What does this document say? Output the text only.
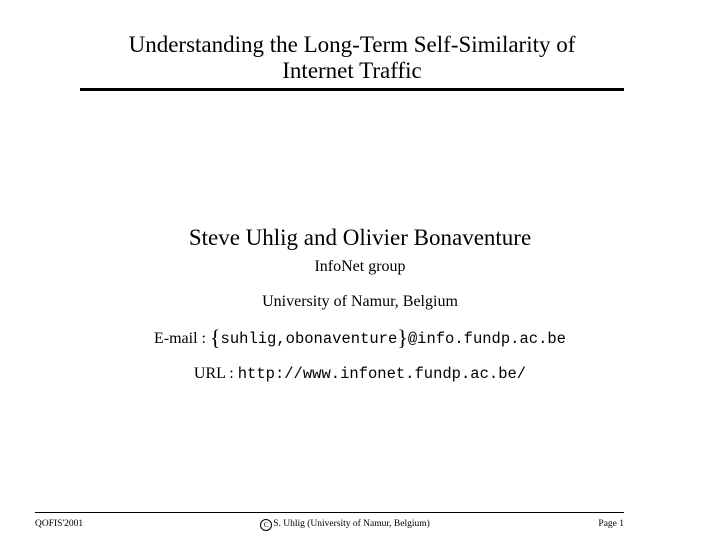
Understanding the Long-Term Self-Similarity of
Internet Traffic
Steve Uhlig and Olivier Bonaventure
InfoNet group
University of Namur, Belgium
E-mail : {suhlig,obonaventure}@info.fundp.ac.be
URL : http://www.infonet.fundp.ac.be/
QOFIS'2001	C S. Uhlig (University of Namur, Belgium)	Page 1
